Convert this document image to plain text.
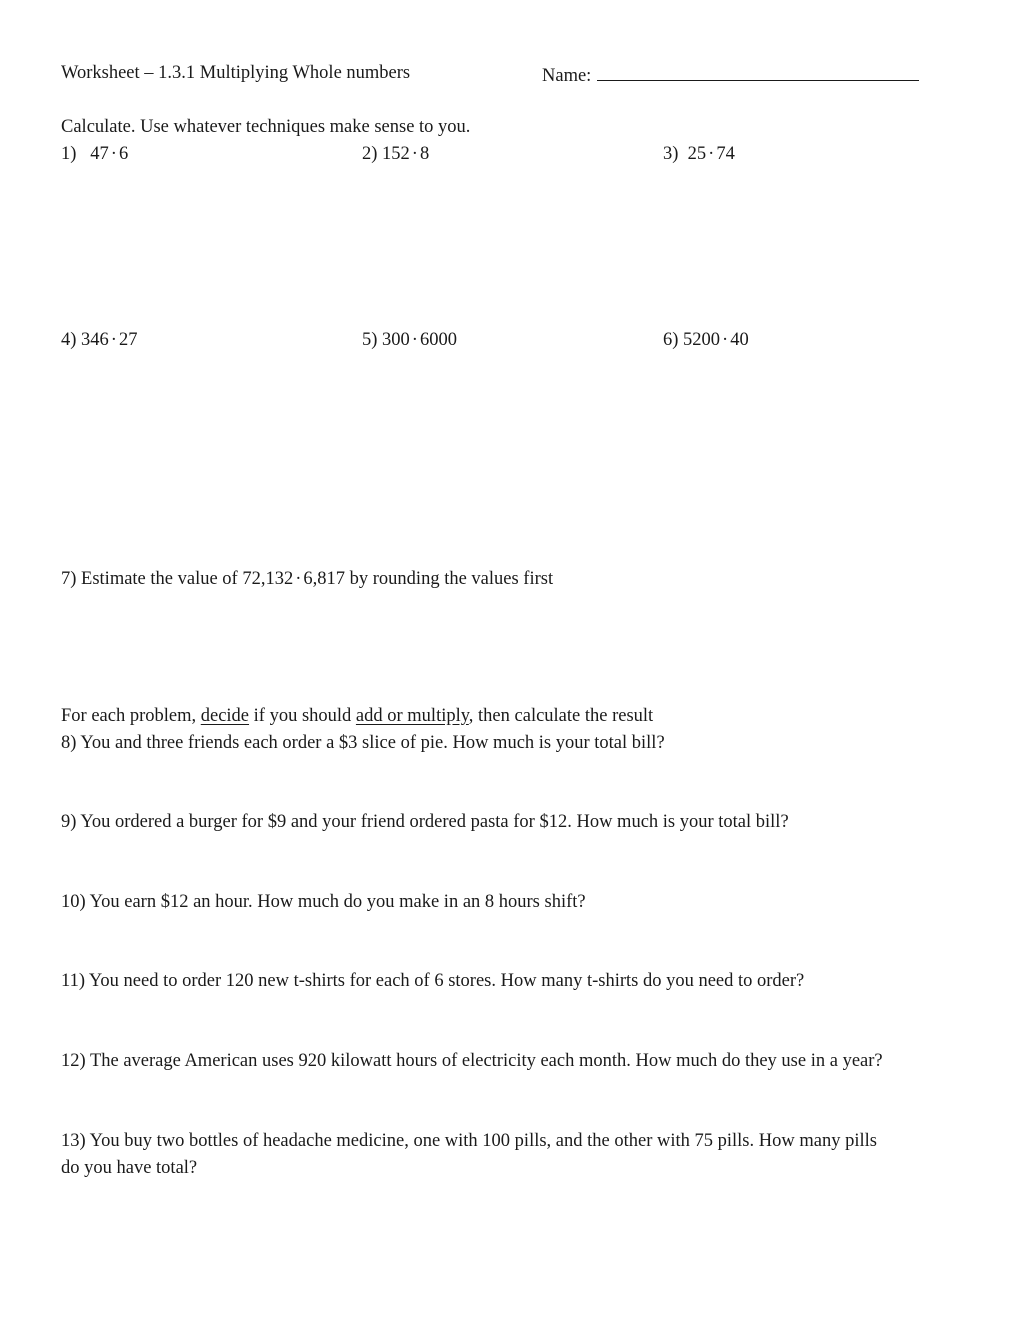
Worksheet – 1.3.1 Multiplying Whole numbers	Name:
Calculate. Use whatever techniques make sense to you.
1) 47 · 6	2) 152 · 8	3) 25 · 74
4) 346 · 27	5) 300 · 6000	6) 5200 · 40
7) Estimate the value of 72,132 · 6,817 by rounding the values first
For each problem, decide if you should add or multiply, then calculate the result
8) You and three friends each order a $3 slice of pie. How much is your total bill?
9) You ordered a burger for $9 and your friend ordered pasta for $12. How much is your total bill?
10) You earn $12 an hour. How much do you make in an 8 hours shift?
11) You need to order 120 new t-shirts for each of 6 stores. How many t-shirts do you need to order?
12) The average American uses 920 kilowatt hours of electricity each month. How much do they use in a year?
13) You buy two bottles of headache medicine, one with 100 pills, and the other with 75 pills. How many pills
do you have total?
